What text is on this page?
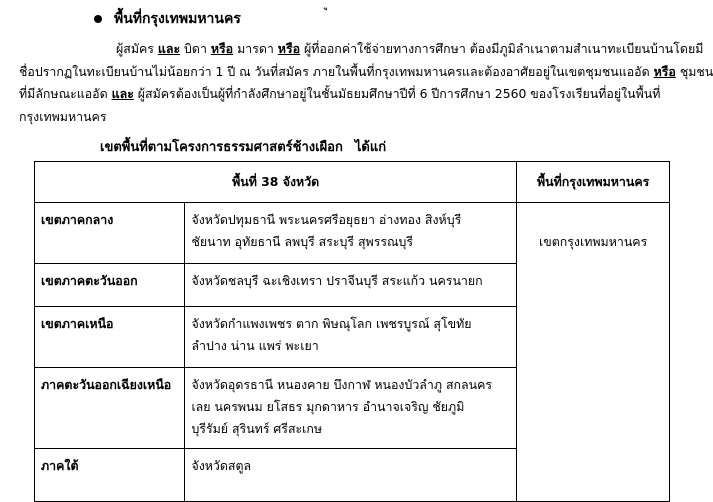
พื้นที่กรุงเทพมหานคร
ผู้สมัคร และ บิดา หรือ มารดา หรือ ผู้ที่ออกค่าใช้จ่ายทางการศึกษา ต้องมีภูมิลำเนาตามสำเนาทะเบียนบ้านโดยมี
ชื่อปรากฏในทะเบียนบ้านไม่น้อยกว่า 1 ปี ณ วันที่สมัคร ภายในพื้นที่กรุงเทพมหานครและต้องอาศัยอยู่ในเขตชุมชนแออัด หรือ ชุมชน
ที่มีลักษณะแออัด และ ผู้สมัครต้องเป็นผู้ที่กำลังศึกษาอยู่ในชั้นมัธยมศึกษาปีที่ 6 ปีการศึกษา 2560 ของโรงเรียนที่อยู่ในพื้นที่
กรุงเทพมหานคร
เขตพื้นที่ตามโครงการธรรมศาสตร์ช้างเผือก ได้แก่
พื้นที่ 38 จังหวัด		พื้นที่กรุงเทพมหานคร
เขตภาคกลาง	จังหวัดปทุมธานี พระนครศรีอยุธยา อ่างทอง สิงห์บุรี
ชัยนาท อุทัยธานี ลพบุรี สระบุรี สุพรรณบุรี	เขตกรุงเทพมหานคร
เขตภาคตะวันออก	จังหวัดชลบุรี ฉะเชิงเทรา ปราจีนบุรี สระแก้ว นครนายก	

เขตภาคเหนือ	จังหวัดกำแพงเพชร ตาก พิษณุโลก เพชรบูรณ์ สุโขทัย
ลำปาง น่าน แพร่ พะเยา	

ภาคตะวันออกเฉียงเหนือ	จังหวัดอุดรธานี หนองคาย บึงกาฬ หนองบัวลำภู สกลนคร
เลย นครพนม ยโสธร มุกดาหาร อำนาจเจริญ ชัยภูมิ
บุรีรัมย์ สุรินทร์ ศรีสะเกษ	

ภาคใต้	จังหวัดสตูล	
